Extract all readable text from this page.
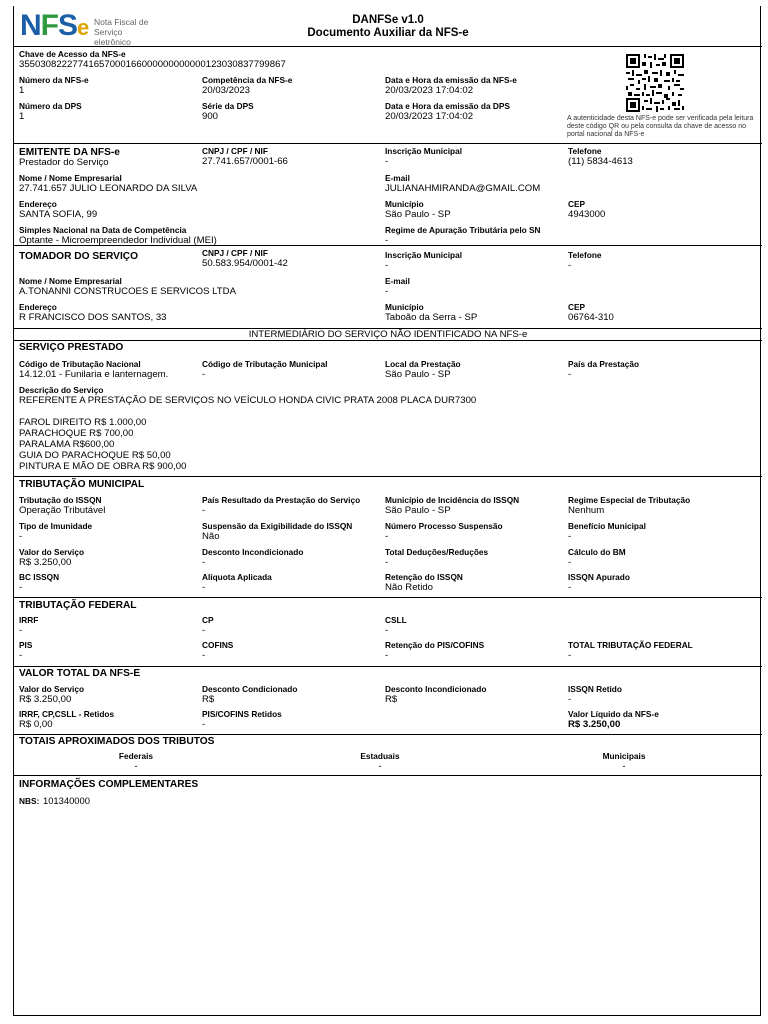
NFSe Nota Fiscal de
Serviço eletrônico
DANFSe v1.0
Documento Auxiliar da NFS-e
Chave de Acesso da NFS-e
35503082227741657000166000000000000123030837799867
Número da NFS-e
1
Competência da NFS-e
20/03/2023
Data e Hora da emissão da NFS-e
20/03/2023 17:04:02
Número da DPS
1
Série da DPS
900
Data e Hora da emissão da DPS
20/03/2023 17:04:02	A autenticidade desta NFS-e pode ser verificada pela leitura deste código QR ou pela consulta da chave de acesso no portal nacional da NFS-e
EMITENTE DA NFS-e
Prestador do Serviço
CNPJ / CPF / NIF
27.741.657/0001-66
Inscrição Municipal
-
Telefone
(11) 5834-4613
Nome / Nome Empresarial
27.741.657 JULIO LEONARDO DA SILVA
E-mail
JULIANAHMIRANDA@GMAIL.COM
Endereço
SANTA SOFIA, 99
Município
São Paulo - SP
CEP
4943000
Simples Nacional na Data de Competência
Optante - Microempreendedor Individual (MEI)
Regime de Apuração Tributária pelo SN
-
TOMADOR DO SERVIÇO	CNPJ / CPF / NIF
50.583.954/0001-42
Inscrição Municipal
-
Telefone
-
Nome / Nome Empresarial
A.TONANNI CONSTRUCOES E SERVICOS LTDA
E-mail
-
Endereço
R FRANCISCO DOS SANTOS, 33
Município
Taboão da Serra - SP
CEP
06764-310
INTERMEDIÁRIO DO SERVIÇO NÃO IDENTIFICADO NA NFS-e
SERVIÇO PRESTADO
Código de Tributação Nacional
14.12.01 - Funilaria e lanternagem.
Código de Tributação Municipal
-
Local da Prestação
São Paulo - SP
País da Prestação
-
Descrição do Serviço
REFERENTE A PRESTAÇÃO DE SERVIÇOS NO VEÍCULO HONDA CIVIC PRATA 2008 PLACA DUR7300
FAROL DIREITO R$ 1.000,00
PARACHOQUE R$ 700,00
PARALAMA R$600,00
GUIA DO PARACHOQUE R$ 50,00
PINTURA E MÃO DE OBRA R$ 900,00
TRIBUTAÇÃO MUNICIPAL
Tributação do ISSQN
Operação Tributável
País Resultado da Prestação do Serviço
-
Município de Incidência do ISSQN
São Paulo - SP
Regime Especial de Tributação
Nenhum
Tipo de Imunidade
-
Suspensão da Exigibilidade do ISSQN
Não
Número Processo Suspensão
-
Benefício Municipal
-
Valor do Serviço
R$ 3.250,00
Desconto Incondicionado
-
Total Deduções/Reduções
-
Cálculo do BM
-
BC ISSQN
-
Alíquota Aplicada
-
Retenção do ISSQN
Não Retido
ISSQN Apurado
-
TRIBUTAÇÃO FEDERAL
IRRF
-
CP
-
CSLL
-
PIS
-
COFINS
-
Retenção do PIS/COFINS
-
TOTAL TRIBUTAÇÃO FEDERAL
-
VALOR TOTAL DA NFS-E
Valor do Serviço
R$ 3.250,00
Desconto Condicionado
R$
Desconto Incondicionado
R$
ISSQN Retido
-
IRRF, CP,CSLL - Retidos
R$ 0,00
PIS/COFINS Retidos
-
Valor Líquido da NFS-e
R$ 3.250,00
TOTAIS APROXIMADOS DOS TRIBUTOS
Federais
-
Estaduais
-
Municipais
-
INFORMAÇÕES COMPLEMENTARES
NBS: 101340000
